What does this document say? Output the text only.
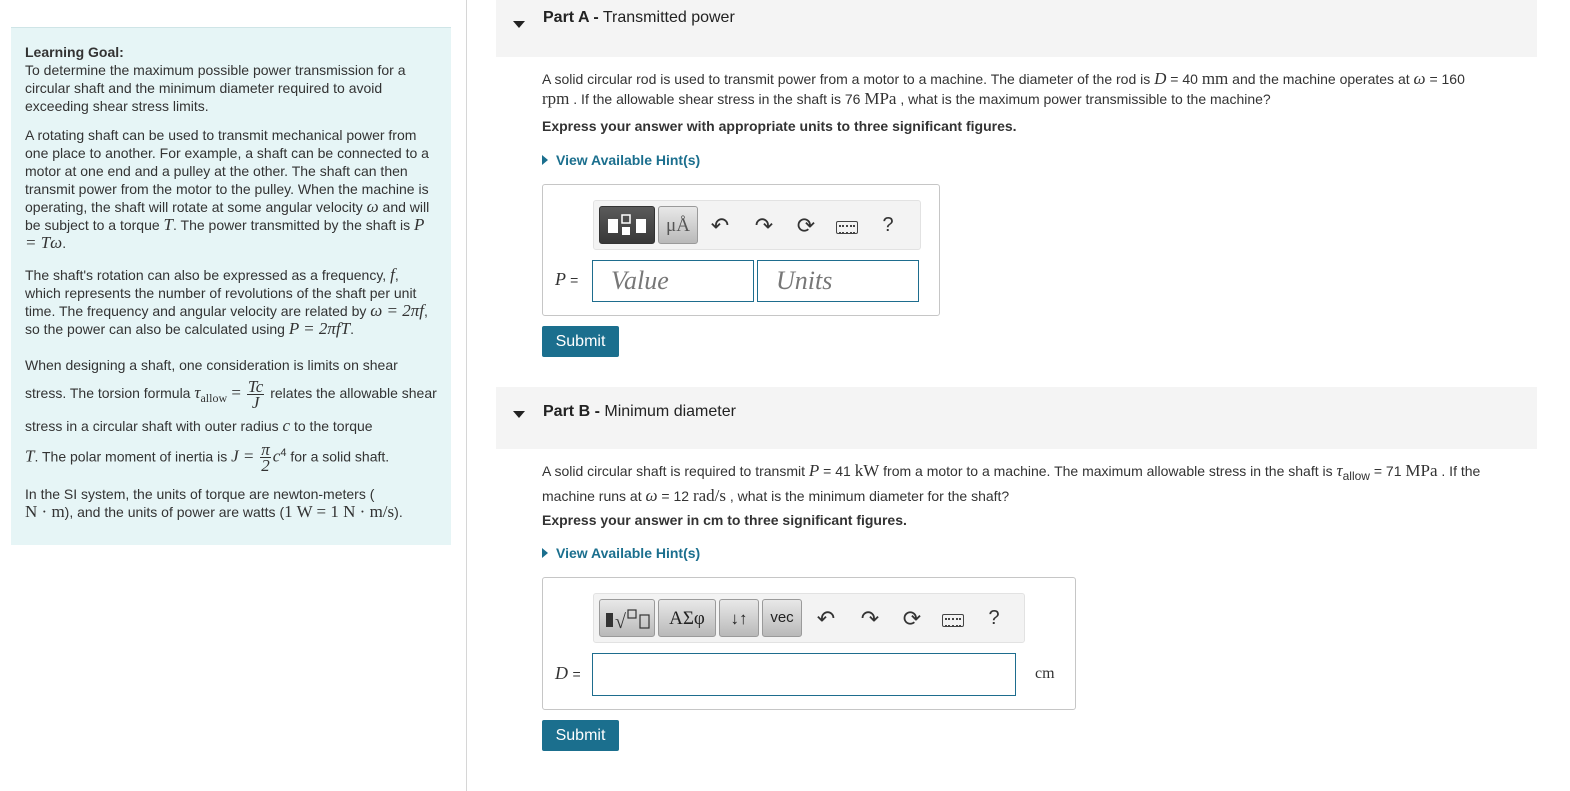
Learning Goal:

To determine the maximum possible power transmission for a circular shaft and the minimum diameter required to avoid exceeding shear stress limits.

A rotating shaft can be used to transmit mechanical power from one place to another. For example, a shaft can be connected to a motor at one end and a pulley at the other. The shaft can then transmit power from the motor to the pulley. When the machine is operating, the shaft will rotate at some angular velocity ω and will be subject to a torque T. The power transmitted by the shaft is P = Tω.

The shaft's rotation can also be expressed as a frequency, f, which represents the number of revolutions of the shaft per unit time. The frequency and angular velocity are related by ω = 2πf, so the power can also be calculated using P = 2πfT.

When designing a shaft, one consideration is limits on shear stress. The torsion formula $\tau_{allow} = \frac{Tc}{J}$ relates the allowable shear stress in a circular shaft with outer radius c to the torque
T. The polar moment of inertia is $J = \frac{\pi}{2} c^4$ for a solid shaft.

In the SI system, the units of torque are newton-meters (
N · m), and the units of power are watts (1 W = 1 N · m/s).

Part A - Transmitted power
A solid circular rod is used to transmit power from a motor to a machine. The diameter of the rod is D = 40 mm and the machine operates at ω = 160
rpm . If the allowable shear stress in the shaft is 76 MPa , what is the maximum power transmissible to the machine?
Express your answer with appropriate units to three significant figures.
View Available Hint(s)
μÅ ↶ ↷ ⟳	?
P =
Value
Units
Submit
Part B - Minimum diameter
A solid circular shaft is required to transmit P = 41 kW from a motor to a machine. The maximum allowable stress in the shaft is $\tau_{allow} = 71$ MPa . If the machine runs at ω = 12 rad/s , what is the minimum diameter for the shaft?
Express your answer in cm to three significant figures.
View Available Hint(s)
√	ΑΣφ	↓↑	vec	↶ ↷ ⟳	?
D =	cm
Submit
